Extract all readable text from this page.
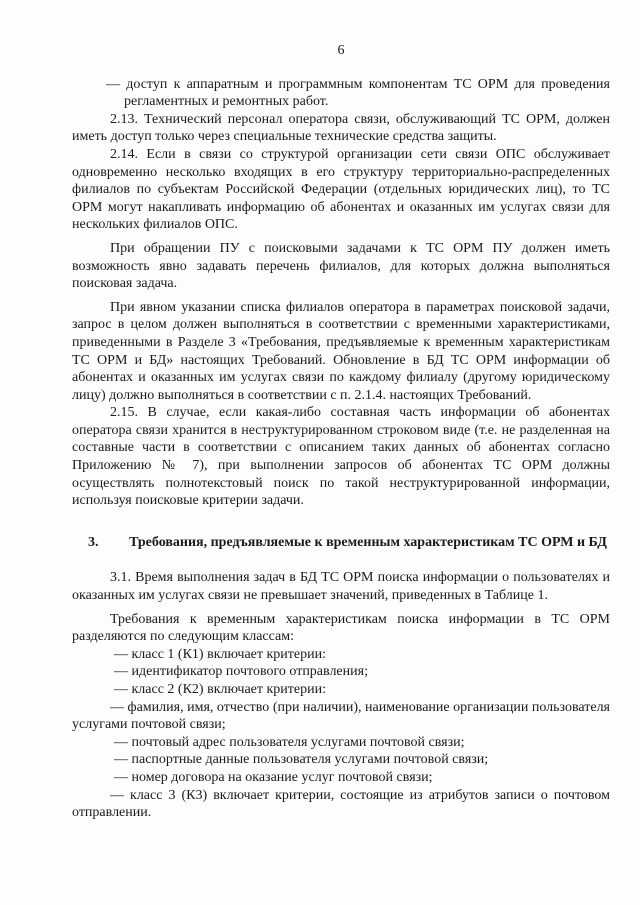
6

— доступ к аппаратным и программным компонентам ТС ОРМ для проведения регламентных и ремонтных работ.

2.13. Технический персонал оператора связи, обслуживающий ТС ОРМ, должен иметь доступ только через специальные технические средства защиты.

2.14. Если в связи со структурой организации сети связи ОПС обслуживает одновременно несколько входящих в его структуру территориально-распределенных филиалов по субъектам Российской Федерации (отдельных юридических лиц), то ТС ОРМ могут накапливать информацию об абонентах и оказанных им услугах связи для нескольких филиалов ОПС.

При обращении ПУ с поисковыми задачами к ТС ОРМ ПУ должен иметь возможность явно задавать перечень филиалов, для которых должна выполняться поисковая задача.

При явном указании списка филиалов оператора в параметрах поисковой задачи, запрос в целом должен выполняться в соответствии с временными характеристиками, приведенными в Разделе 3 «Требования, предъявляемые к временным характеристикам ТС ОРМ и БД» настоящих Требований. Обновление в БД ТС ОРМ информации об абонентах и оказанных им услугах связи по каждому филиалу (другому юридическому лицу) должно выполняться в соответствии с п. 2.1.4. настоящих Требований.

2.15. В случае, если какая-либо составная часть информации об абонентах оператора связи хранится в неструктурированном строковом виде (т.е. не разделенная на составные части в соответствии с описанием таких данных об абонентах согласно Приложению № 7), при выполнении запросов об абонентах ТС ОРМ должны осуществлять полнотекстовый поиск по такой неструктурированной информации, используя поисковые критерии задачи.

3.	Требования, предъявляемые к временным характеристикам ТС ОРМ и БД

3.1. Время выполнения задач в БД ТС ОРМ поиска информации о пользователях и оказанных им услугах связи не превышает значений, приведенных в Таблице 1.

Требования к временным характеристикам поиска информации в ТС ОРМ разделяются по следующим классам:

— класс 1 (К1) включает критерии:

— идентификатор почтового отправления;

— класс 2 (К2) включает критерии:

— фамилия, имя, отчество (при наличии), наименование организации пользователя услугами почтовой связи;

— почтовый адрес пользователя услугами почтовой связи;

— паспортные данные пользователя услугами почтовой связи;

— номер договора на оказание услуг почтовой связи;

— класс 3 (К3) включает критерии, состоящие из атрибутов записи о почтовом отправлении.
